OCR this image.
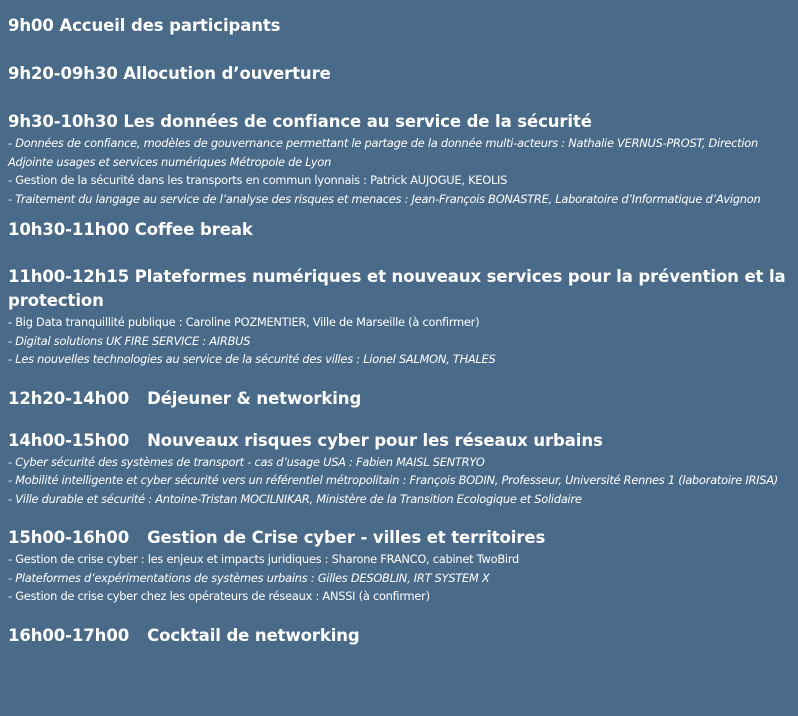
9h00 Accueil des participants

9h20-09h30 Allocution d’ouverture

9h30-10h30 Les données de confiance au service de la sécurité

- Données de confiance, modèles de gouvernance permettant le partage de la donnée multi-acteurs : Nathalie VERNUS-PROST, Direction Adjointe usages et services numériques Métropole de Lyon

- Gestion de la sécurité dans les transports en commun lyonnais : Patrick AUJOGUE, KEOLIS

- Traitement du langage au service de l’analyse des risques et menaces : Jean-François BONASTRE, Laboratoire d’Informatique d’Avignon

10h30-11h00 Coffee break

11h00-12h15 Plateformes numériques et nouveaux services pour la prévention et la protection

- Big Data tranquillité publique : Caroline POZMENTIER, Ville de Marseille (à confirmer)

- Digital solutions UK FIRE SERVICE : AIRBUS

- Les nouvelles technologies au service de la sécurité des villes : Lionel SALMON, THALES

12h20-14h00 Déjeuner & networking

14h00-15h00 Nouveaux risques cyber pour les réseaux urbains

- Cyber sécurité des systèmes de transport - cas d’usage USA : Fabien MAISL SENTRYO

- Mobilité intelligente et cyber sécurité vers un référentiel métropolitain : François BODIN, Professeur, Université Rennes 1 (laboratoire IRISA)

- Ville durable et sécurité : Antoine-Tristan MOCILNIKAR, Ministère de la Transition Ecologique et Solidaire

15h00-16h00 Gestion de Crise cyber - villes et territoires

- Gestion de crise cyber : les enjeux et impacts juridiques : Sharone FRANCO, cabinet TwoBird

- Plateformes d’expérimentations de systèmes urbains : Gilles DESOBLIN, IRT SYSTEM X

- Gestion de crise cyber chez les opérateurs de réseaux : ANSSI (à confirmer)

16h00-17h00 Cocktail de networking
